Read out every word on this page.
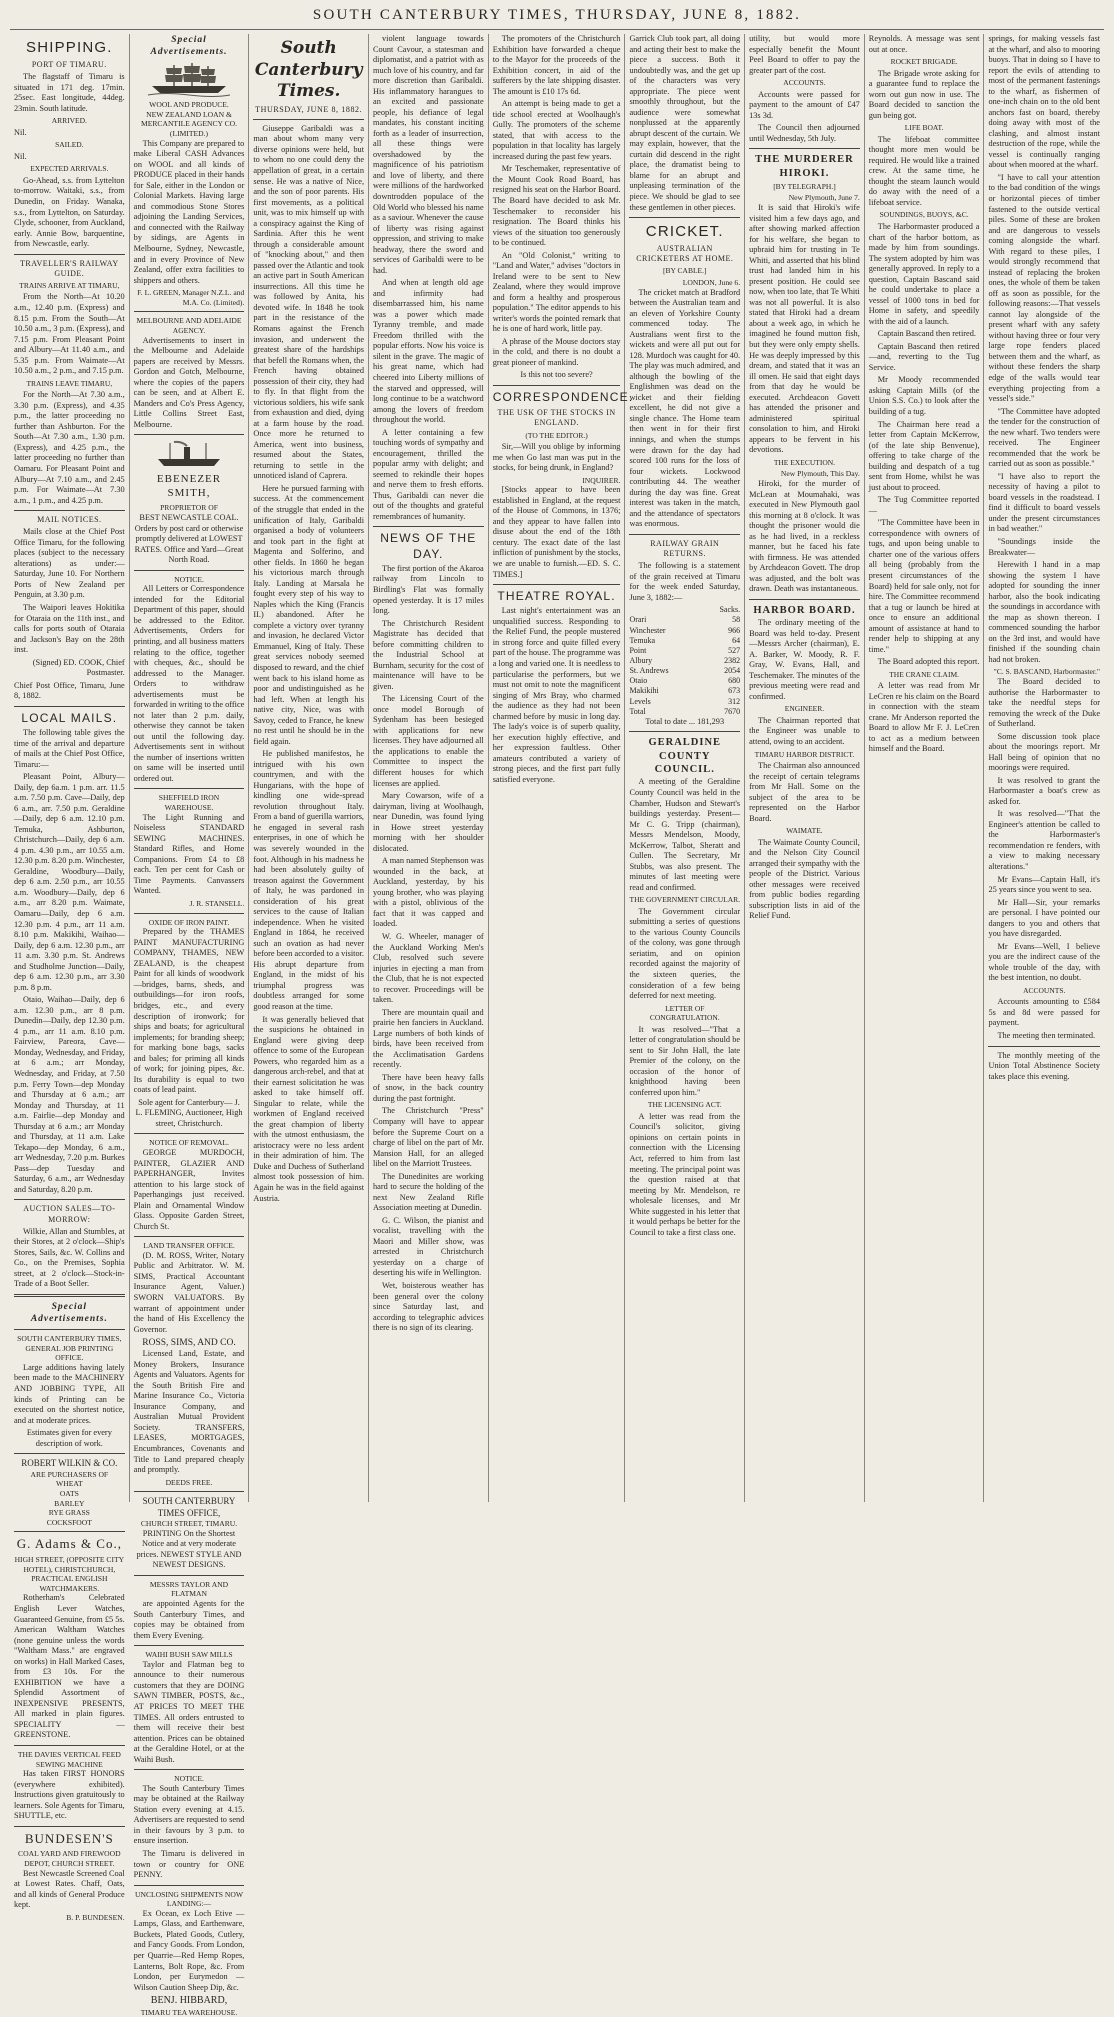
SOUTH CANTERBURY TIMES, THURSDAY, JUNE 8, 1882.
SHIPPING.
PORT OF TIMARU.

The flagstaff of Timaru is situated in 171 deg. 17min. 25sec. East longitude, 44deg. 23min. South latitude.

ARRIVED.

Nil.

SAILED.

Nil.

EXPECTED ARRIVALS.

Go-Ahead, s.s. from Lyttelton to-morrow. Waitaki, s.s., from Dunedin, on Friday. Wanaka, s.s., from Lyttelton, on Saturday. Clyde, schooner, from Auckland, early. Annie Bow, barquentine, from Newcastle, early.

TRAVELLER'S RAILWAY GUIDE.
TRAINS ARRIVE AT TIMARU,

From the North—At 10.20 a.m., 12.40 p.m. (Express) and 8.15 p.m. From the South—At 10.50 a.m., 3 p.m. (Express), and 7.15 p.m. From Pleasant Point and Albury—At 11.40 a.m., and 5.35 p.m. From Waimate—At 10.50 a.m., 2 p.m., and 7.15 p.m.

TRAINS LEAVE TIMARU,

For the North—At 7.30 a.m., 3.30 p.m. (Express), and 4.35 p.m., the latter proceeding no further than Ashburton. For the South—At 7.30 a.m., 1.30 p.m. (Express), and 4.25 p.m., the latter proceeding no further than Oamaru. For Pleasant Point and Albury—At 7.10 a.m., and 2.45 p.m. For Waimate—At 7.30 a.m., 1 p.m., and 4.25 p.m.

MAIL NOTICES.

Mails close at the Chief Post Office Timaru, for the following places (subject to the necessary alterations) as under:— Saturday, June 10. For Northern Ports of New Zealand per Penguin, at 3.30 p.m.

The Waipori leaves Hokitika for Otaraia on the 11th inst., and calls for ports south of Otaraia and Jackson's Bay on the 28th inst.

(Signed) ED. COOK, Chief Postmaster.

Chief Post Office, Timaru, June 8, 1882.

LOCAL MAILS.

The following table gives the time of the arrival and departure of mails at the Chief Post Office, Timaru:—

Pleasant Point, Albury—Daily, dep 6a.m. 1 p.m. arr. 11.5 a.m. 7.50 p.m. Cave—Daily, dep 6 a.m., arr. 7.50 p.m. Geraldine—Daily, dep 6 a.m. 12.10 p.m. Temuka, Ashburton, Christchurch—Daily, dep 6 a.m. 4 p.m. 4.30 p.m., arr 10.55 a.m. 12.30 p.m. 8.20 p.m. Winchester, Geraldine, Woodbury—Daily, dep 6 a.m. 2.50 p.m., arr 10.55 a.m. Woodbury—Daily, dep 6 a.m., arr 8.20 p.m. Waimate, Oamaru—Daily, dep 6 a.m. 12.30 p.m. 4 p.m., arr 11 a.m. 8.10 p.m. Makikihi, Waihao—Daily, dep 6 a.m. 12.30 p.m., arr 11 a.m. 3.30 p.m. St. Andrews and Studholme Junction—Daily, dep 6 a.m. 12.30 p.m., arr 3.30 p.m. 8 p.m.

Otaio, Waihao—Daily, dep 6 a.m. 12.30 p.m., arr 8 p.m. Dunedin—Daily, dep 12.30 p.m. 4 p.m., arr 11 a.m. 8.10 p.m. Fairview, Pareora, Cave—Monday, Wednesday, and Friday, at 6 a.m.; arr Monday, Wednesday, and Friday, at 7.50 p.m. Ferry Town—dep Monday and Thursday at 6 a.m.; arr Monday and Thursday, at 11 a.m. Fairlie—dep Monday and Thursday at 6 a.m.; arr Monday and Thursday, at 11 a.m. Lake Tekapo—dep Monday, 6 a.m., arr Wednesday, 7.20 p.m. Burkes Pass—dep Tuesday and Saturday, 6 a.m., arr Wednesday and Saturday, 8.20 p.m.

AUCTION SALES—TO-MORROW:

Wilkie, Allan and Stumbles, at their Stores, at 2 o'clock—Ship's Stores, Sails, &c. W. Collins and Co., on the Premises, Sophia street, at 2 o'clock—Stock-in-Trade of a Boot Seller.

Special Advertisements.
SOUTH CANTERBURY TIMES, GENERAL JOB PRINTING OFFICE.

Large additions having lately been made to the MACHINERY AND JOBBING TYPE, All kinds of Printing can be executed on the shortest notice, and at moderate prices.

Estimates given for every description of work.

ROBERT WILKIN & CO.
ARE PURCHASERS OF
WHEAT
OATS
BARLEY
RYE GRASS
COCKSFOOT
G. Adams & Co.,
HIGH STREET, (OPPOSITE CITY HOTEL), CHRISTCHURCH, PRACTICAL ENGLISH WATCHMAKERS.

Rotherham's Celebrated English Lever Watches, Guaranteed Genuine, from £5 5s. American Waltham Watches (none genuine unless the words "Waltham Mass." are engraved on works) in Hall Marked Cases, from £3 10s. For the EXHIBITION we have a Splendid Assortment of INEXPENSIVE PRESENTS, All marked in plain figures. SPECIALITY — GREENSTONE.

THE DAVIES VERTICAL FEED SEWING MACHINE

Has taken FIRST HONORS (everywhere exhibited). Instructions given gratuitously to learners. Sole Agents for Timaru, SHUTTLE, etc.

BUNDESEN'S
COAL YARD AND FIREWOOD DEPOT, CHURCH STREET.

Best Newcastle Screened Coal at Lowest Rates. Chaff, Oats, and all kinds of General Produce kept.

B. P. BUNDESEN.
Special Advertisements.
WOOL AND PRODUCE.
NEW ZEALAND LOAN & MERCANTILE AGENCY CO. (LIMITED.)

This Company are prepared to make Liberal CASH Advances on WOOL and all kinds of PRODUCE placed in their hands for Sale, either in the London or Colonial Markets. Having large and commodious Stone Stores adjoining the Landing Services, and connected with the Railway by sidings, are Agents in Melbourne, Sydney, Newcastle, and in every Province of New Zealand, offer extra facilities to shippers and others.

F. L. GREEN, Manager N.Z.L. and M.A. Co. (Limited).
MELBOURNE AND ADELAIDE AGENCY.

Advertisements to insert in the Melbourne and Adelaide papers are received by Messrs. Gordon and Gotch, Melbourne, where the copies of the papers can be seen, and at Albert E. Manders and Co's Press Agency, Little Collins Street East, Melbourne.

EBENEZER SMITH,
PROPRIETOR OF

BEST NEWCASTLE COAL. Orders by post card or otherwise promptly delivered at LOWEST RATES. Office and Yard—Great North Road.

NOTICE.

All Letters or Correspondence intended for the Editorial Department of this paper, should be addressed to the Editor. Advertisements, Orders for printing, and all business matters relating to the office, together with cheques, &c., should be addressed to the Manager. Orders to withdraw advertisements must be forwarded in writing to the office not later than 2 p.m. daily, otherwise they cannot be taken out until the following day. Advertisements sent in without the number of insertions written on same will be inserted until ordered out.

SHEFFIELD IRON WAREHOUSE.

The Light Running and Noiseless STANDARD SEWING MACHINES. Standard Rifles, and Home Companions. From £4 to £8 each. Ten per cent for Cash or Time Payments. Canvassers Wanted.

J. R. STANSELL.
OXIDE OF IRON PAINT.

Prepared by the THAMES PAINT MANUFACTURING COMPANY, THAMES, NEW ZEALAND, is the cheapest Paint for all kinds of woodwork—bridges, barns, sheds, and outbuildings—for iron roofs, bridges, etc., and every description of ironwork; for ships and boats; for agricultural implements; for branding sheep; for marking bone bags, sacks and bales; for priming all kinds of work; for joining pipes, &c. Its durability is equal to two coats of lead paint.

Sole agent for Canterbury— J. L. FLEMING, Auctioneer, High street, Christchurch.

NOTICE OF REMOVAL.

GEORGE MURDOCH, PAINTER, GLAZIER AND PAPERHANGER, Invites attention to his large stock of Paperhangings just received. Plain and Ornamental Window Glass. Opposite Garden Street, Church St.

LAND TRANSFER OFFICE.

(D. M. ROSS, Writer, Notary Public and Arbitrator. W. M. SIMS, Practical Accountant Insurance Agent, Valuer.) SWORN VALUATORS. By warrant of appointment under the hand of His Excellency the Governor.

ROSS, SIMS, AND CO.

Licensed Land, Estate, and Money Brokers, Insurance Agents and Valuators. Agents for the South British Fire and Marine Insurance Co., Victoria Insurance Company, and Australian Mutual Provident Society. TRANSFERS, LEASES, MORTGAGES, Encumbrances, Covenants and Title to Land prepared cheaply and promptly.

DEEDS FREE.
SOUTH CANTERBURY TIMES OFFICE,
CHURCH STREET, TIMARU.

PRINTING On the Shortest Notice and at very moderate prices. NEWEST STYLE AND NEWEST DESIGNS.

MESSRS TAYLOR AND FLATMAN

are appointed Agents for the South Canterbury Times, and copies may be obtained from them Every Evening.

WAIHI BUSH SAW MILLS

Taylor and Flatman beg to announce to their numerous customers that they are DOING SAWN TIMBER, POSTS, &c., AT PRICES TO MEET THE TIMES. All orders entrusted to them will receive their best attention. Prices can be obtained at the Geraldine Hotel, or at the Waihi Bush.

NOTICE.

The South Canterbury Times may be obtained at the Railway Station every evening at 4.15. Advertisers are requested to send in their favours by 3 p.m. to ensure insertion.

The Timaru is delivered in town or country for ONE PENNY.

UNCLOSING SHIPMENTS NOW LANDING:—

Ex Ocean, ex Loch Etive — Lamps, Glass, and Earthenware, Buckets, Plated Goods, Cutlery, and Fancy Goods. From London, per Quarrie—Red Hemp Ropes, Lanterns, Bolt Rope, &c. From London, per Eurymedon — Wilson Caution Sheep Dip, &c.

BENJ. HIBBARD,
TIMARU TEA WAREHOUSE.
South Canterbury Times.
THURSDAY, JUNE 8, 1882.

Giuseppe Garibaldi was a man about whom many very diverse opinions were held, but to whom no one could deny the appellation of great, in a certain sense. He was a native of Nice, and the son of poor parents. His first movements, as a political unit, was to mix himself up with a conspiracy against the King of Sardinia. After this he went through a considerable amount of "knocking about," and then passed over the Atlantic and took an active part in South American insurrections. All this time he was followed by Anita, his devoted wife. In 1848 he took part in the resistance of the Romans against the French invasion, and underwent the greatest share of the hardships that befell the Romans when, the French having obtained possession of their city, they had to fly. In that flight from the victorious soldiers, his wife sank from exhaustion and died, dying at a farm house by the road. Once more he returned to America, went into business, resumed about the States, returning to settle in the unnoticed island of Caprera.

Here he pursued farming with success. At the commencement of the struggle that ended in the unification of Italy, Garibaldi organised a body of volunteers and took part in the fight at Magenta and Solferino, and other fields. In 1860 he began his victorious march through Italy. Landing at Marsala he fought every step of his way to Naples which the King (Francis II.) abandoned. After he complete a victory over tyranny and invasion, he declared Victor Emmanuel, King of Italy. These great services nobody seemed disposed to reward, and the chief went back to his island home as poor and undistinguished as he had left. When at length his native city, Nice, was with Savoy, ceded to France, he knew no rest until he should be in the field again.

He published manifestos, he intrigued with his own countrymen, and with the Hungarians, with the hope of kindling one wide-spread revolution throughout Italy. From a band of guerilla warriors, he engaged in several rash enterprises, in one of which he was severely wounded in the foot. Although in his madness he had been absolutely guilty of treason against the Government of Italy, he was pardoned in consideration of his great services to the cause of Italian independence. When he visited England in 1864, he received such an ovation as had never before been accorded to a visitor. His abrupt departure from England, in the midst of his triumphal progress was doubtless arranged for some good reason at the time.

It was generally believed that the suspicions he obtained in England were giving deep offence to some of the European Powers, who regarded him as a dangerous arch-rebel, and that at their earnest solicitation he was asked to take himself off. Singular to relate, while the workmen of England received the great champion of liberty with the utmost enthusiasm, the aristocracy were no less ardent in their admiration of him. The Duke and Duchess of Sutherland almost took possession of him. Again he was in the field against Austria.

violent language towards Count Cavour, a statesman and diplomatist, and a patriot with as much love of his country, and far more discretion than Garibaldi. His inflammatory harangues to an excited and passionate people, his defiance of legal mandates, his constant inciting forth as a leader of insurrection, all these things were overshadowed by the magnificence of his patriotism and love of liberty, and there were millions of the hardworked downtrodden populace of the Old World who blessed his name as a saviour. Whenever the cause of liberty was rising against oppression, and striving to make headway, there the sword and services of Garibaldi were to be had.

And when at length old age and infirmity had disembarrassed him, his name was a power which made Tyranny tremble, and made Freedom thrilled with the popular efforts. Now his voice is silent in the grave. The magic of his great name, which had cheered into Liberty millions of the starved and oppressed, will long continue to be a watchword among the lovers of freedom throughout the world.

A letter containing a few touching words of sympathy and encouragement, thrilled the popular army with delight; and seemed to rekindle their hopes and nerve them to fresh efforts. Thus, Garibaldi can never die out of the thoughts and grateful remembrances of humanity.

NEWS OF THE DAY.

The first portion of the Akaroa railway from Lincoln to Birdling's Flat was formally opened yesterday. It is 17 miles long.

The Christchurch Resident Magistrate has decided that before committing children to the Industrial School at Burnham, security for the cost of maintenance will have to be given.

The Licensing Court of the once model Borough of Sydenham has been besieged with applications for new licenses. They have adjourned all the applications to enable the Committee to inspect the different houses for which licenses are applied.

Mary Cowarson, wife of a dairyman, living at Woolhaugh, near Dunedin, was found lying in Howe street yesterday morning with her shoulder dislocated.

A man named Stephenson was wounded in the back, at Auckland, yesterday, by his young brother, who was playing with a pistol, oblivious of the fact that it was capped and loaded.

W. G. Wheeler, manager of the Auckland Working Men's Club, resolved such severe injuries in ejecting a man from the Club, that he is not expected to recover. Proceedings will be taken.

There are mountain quail and prairie hen fanciers in Auckland. Large numbers of both kinds of birds, have been received from the Acclimatisation Gardens recently.

There have been heavy falls of snow, in the back country during the past fortnight.

The Christchurch "Press" Company will have to appear before the Supreme Court on a charge of libel on the part of Mr. Mansion Hall, for an alleged libel on the Marriott Trustees.

The Dunedinites are working hard to secure the holding of the next New Zealand Rifle Association meeting at Dunedin.

G. C. Wilson, the pianist and vocalist, travelling with the Maori and Miller show, was arrested in Christchurch yesterday on a charge of deserting his wife in Wellington.

Wet, boisterous weather has been general over the colony since Saturday last, and according to telegraphic advices there is no sign of its clearing.

The promoters of the Christchurch Exhibition have forwarded a cheque to the Mayor for the proceeds of the Exhibition concert, in aid of the sufferers by the late shipping disaster. The amount is £10 17s 6d.

An attempt is being made to get a tide school erected at Woolhaugh's Gully. The promoters of the scheme stated, that with access to the population in that locality has largely increased during the past few years.

Mr Teschemaker, representative of the Mount Cook Road Board, has resigned his seat on the Harbor Board. The Board have decided to ask Mr. Teschemaker to reconsider his resignation. The Board thinks his views of the situation too generously to be continued.

An "Old Colonist," writing to "Land and Water," advises "doctors in Ireland were to be sent to New Zealand, where they would improve and form a healthy and prosperous population." The editor appends to his writer's words the pointed remark that he is one of hard work, little pay.

A phrase of the Mouse doctors stay in the cold, and there is no doubt a great pioneer of mankind.

Is this not too severe?

CORRESPONDENCE.
THE USK OF THE STOCKS IN ENGLAND.
(TO THE EDITOR.)

Sir,—Will you oblige by informing me when Go last man was put in the stocks, for being drunk, in England?

INQUIRER.

[Stocks appear to have been established in England, at the request of the House of Commons, in 1376; and they appear to have fallen into disuse about the end of the 18th century. The exact date of the last infliction of punishment by the stocks, we are unable to furnish.—ED. S. C. TIMES.]

THEATRE ROYAL.

Last night's entertainment was an unqualified success. Responding to the Relief Fund, the people mustered in strong force and quite filled every part of the house. The programme was a long and varied one. It is needless to particularise the performers, but we must not omit to note the magnificent singing of Mrs Bray, who charmed the audience as they had not been charmed before by music in long day. The lady's voice is of superb quality, her execution highly effective, and her expression faultless. Other amateurs contributed a variety of strong pieces, and the first part fully satisfied everyone.

Garrick Club took part, all doing and acting their best to make the piece a success. Both it undoubtedly was, and the get up of the characters was very appropriate. The piece went smoothly throughout, but the audience were somewhat nonplussed at the apparently abrupt descent of the curtain. We may explain, however, that the curtain did descend in the right place, the dramatist being to blame for an abrupt and unpleasing termination of the piece. We should be glad to see these gentlemen in other pieces.

CRICKET.
AUSTRALIAN CRICKETERS AT HOME.
[BY CABLE.]
LONDON, June 6.

The cricket match at Bradford between the Australian team and an eleven of Yorkshire County commenced today. The Australians went first to the wickets and were all put out for 128. Murdoch was caught for 40. The play was much admired, and although the bowling of the Englishmen was dead on the wicket and their fielding excellent, he did not give a single chance. The Home team then went in for their first innings, and when the stumps were drawn for the day had scored 100 runs for the loss of four wickets. Lockwood contributing 44. The weather during the day was fine. Great interest was taken in the match, and the attendance of spectators was enormous.

RAILWAY GRAIN RETURNS.

The following is a statement of the grain received at Timaru for the week ended Saturday, June 3, 1882:—

Sacks.
Orari	58
Winchester	966
Temuka	64
Point	527
Albury	2382
St. Andrews	2054
Otaio	680
Makikihi	673
Levels	312
Total	7670

Total to date ... 181,293

GERALDINE COUNTY COUNCIL.

A meeting of the Geraldine County Council was held in the Chamber, Hudson and Stewart's buildings yesterday. Present—Mr C. G. Tripp (chairman), Messrs Mendelson, Moody, McKerrow, Talbot, Sheratt and Cullen. The Secretary, Mr Stubbs, was also present. The minutes of last meeting were read and confirmed.

THE GOVERNMENT CIRCULAR.

The Government circular submitting a series of questions to the various County Councils of the colony, was gone through seriatim, and on opinion recorded against the majority of the sixteen queries, the consideration of a few being deferred for next meeting.

LETTER OF CONGRATULATION.

It was resolved—"That a letter of congratulation should be sent to Sir John Hall, the late Premier of the colony, on the occasion of the honor of knighthood having been conferred upon him."

THE LICENSING ACT.

A letter was read from the Council's solicitor, giving opinions on certain points in connection with the Licensing Act, referred to him from last meeting. The principal point was the question raised at that meeting by Mr. Mendelson, re wholesale licenses, and Mr White suggested in his letter that it would perhaps be better for the Council to take a first class one.

utility, but would more especially benefit the Mount Peel Board to offer to pay the greater part of the cost.

ACCOUNTS.

Accounts were passed for payment to the amount of £47 13s 3d.

The Council then adjourned until Wednesday, 5th July.

THE MURDERER HIROKI.
[BY TELEGRAPH.]
New Plymouth, June 7.

It is said that Hiroki's wife visited him a few days ago, and after showing marked affection for his welfare, she began to upbraid him for trusting in Te Whiti, and asserted that his blind trust had landed him in his present position. He could see now, when too late, that Te Whiti was not all powerful. It is also stated that Hiroki had a dream about a week ago, in which he imagined he found mutton fish, but they were only empty shells. He was deeply impressed by this dream, and stated that it was an ill omen. He said that eight days from that day he would be executed. Archdeacon Govett has attended the prisoner and administered spiritual consolation to him, and Hiroki appears to be fervent in his devotions.

THE EXECUTION.
New Plymouth, This Day.

Hiroki, for the murder of McLean at Moumahaki, was executed in New Plymouth gaol this morning at 8 o'clock. It was thought the prisoner would die as he had lived, in a reckless manner, but he faced his fate with firmness. He was attended by Archdeacon Govett. The drop was adjusted, and the bolt was drawn. Death was instantaneous.

HARBOR BOARD.

The ordinary meeting of the Board was held to-day. Present—Messrs Archer (chairman), E. A. Barker, W. Moody, R. F. Gray, W. Evans, Hall, and Teschemaker. The minutes of the previous meeting were read and confirmed.

ENGINEER.

The Chairman reported that the Engineer was unable to attend, owing to an accident.

TIMARU HARBOR DISTRICT.

The Chairman also announced the receipt of certain telegrams from Mr Hall. Some on the subject of the area to be represented on the Harbor Board.

WAIMATE.

The Waimate County Council, and the Nelson City Council arranged their sympathy with the people of the District. Various other messages were received from public bodies regarding subscription lists in aid of the Relief Fund.

Reynolds. A message was sent out at once.

ROCKET BRIGADE.

The Brigade wrote asking for a guarantee fund to replace the worn out gun now in use. The Board decided to sanction the gun being got.

LIFE BOAT.

The lifeboat committee thought more men would be required. He would like a trained crew. At the same time, he thought the steam launch would do away with the need of a lifeboat service.

SOUNDINGS, BUOYS, &C.

The Harbormaster produced a chart of the harbor bottom, as made by him from soundings. The system adopted by him was generally approved. In reply to a question, Captain Bascand said he could undertake to place a vessel of 1000 tons in bed for Home in safety, and speedily with the aid of a launch.

Captain Bascand then retired.

Captain Bascand then retired—and, reverting to the Tug Service.

Mr Moody recommended asking Captain Mills (of the Union S.S. Co.) to look after the building of a tug.

The Chairman here read a letter from Captain McKerrow, (of the late ship Benvenue), offering to take charge of the building and despatch of a tug sent from Home, whilst he was just about to proceed.

The Tug Committee reported —

"The Committee have been in correspondence with owners of tugs, and upon being unable to charter one of the various offers all being (probably from the present circumstances of the Board) held for sale only, not for hire. The Committee recommend that a tug or launch be hired at once to ensure an additional amount of assistance at hand to render help to shipping at any time."

The Board adopted this report.

THE CRANE CLAIM.

A letter was read from Mr LeCren re his claim on the Board in connection with the steam crane. Mr Anderson reported the Board to allow Mr F. J. LeCren to act as a medium between himself and the Board.

springs, for making vessels fast at the wharf, and also to mooring buoys. That in doing so I have to report the evils of attending to most of the permanent fastenings to the wharf, as fishermen of one-inch chain on to the old bent anchors fast on board, thereby doing away with most of the clashing, and almost instant destruction of the rope, while the vessel is continually ranging about when moored at the wharf.

"I have to call your attention to the bad condition of the wings or horizontal pieces of timber fastened to the outside vertical piles. Some of these are broken and are dangerous to vessels coming alongside the wharf. With regard to these piles, I would strongly recommend that instead of replacing the broken ones, the whole of them be taken off as soon as possible, for the following reasons:—That vessels cannot lay alongside of the present wharf with any safety without having three or four very large rope fenders placed between them and the wharf, as without these fenders the sharp edge of the walls would tear everything projecting from a vessel's side."

"The Committee have adopted the tender for the construction of the new wharf. Two tenders were received. The Engineer recommended that the work be carried out as soon as possible."

"I have also to report the necessity of having a pilot to board vessels in the roadstead. I find it difficult to board vessels under the present circumstances in bad weather."

"Soundings inside the Breakwater—

Herewith I hand in a map showing the system I have adopted for sounding the inner harbor, also the book indicating the soundings in accordance with the map as shown thereon. I commenced sounding the harbor on the 3rd inst, and would have finished if the sounding chain had not broken.

"C. S. BASCAND, Harbormaster."

The Board decided to authorise the Harbormaster to take the needful steps for removing the wreck of the Duke of Sutherland.

Some discussion took place about the moorings report. Mr Hall being of opinion that no moorings were required.

It was resolved to grant the Harbormaster a boat's crew as asked for.

It was resolved—"That the Engineer's attention be called to the Harbormaster's recommendation re fenders, with a view to making necessary alterations."

Mr Evans—Captain Hall, it's 25 years since you went to sea.

Mr Hall—Sir, your remarks are personal. I have pointed our dangers to you and others that you have disregarded.

Mr Evans—Well, I believe you are the indirect cause of the whole trouble of the day, with the best intention, no doubt.

ACCOUNTS.

Accounts amounting to £584 5s and 8d were passed for payment.

The meeting then terminated.

The monthly meeting of the Union Total Abstinence Society takes place this evening.
